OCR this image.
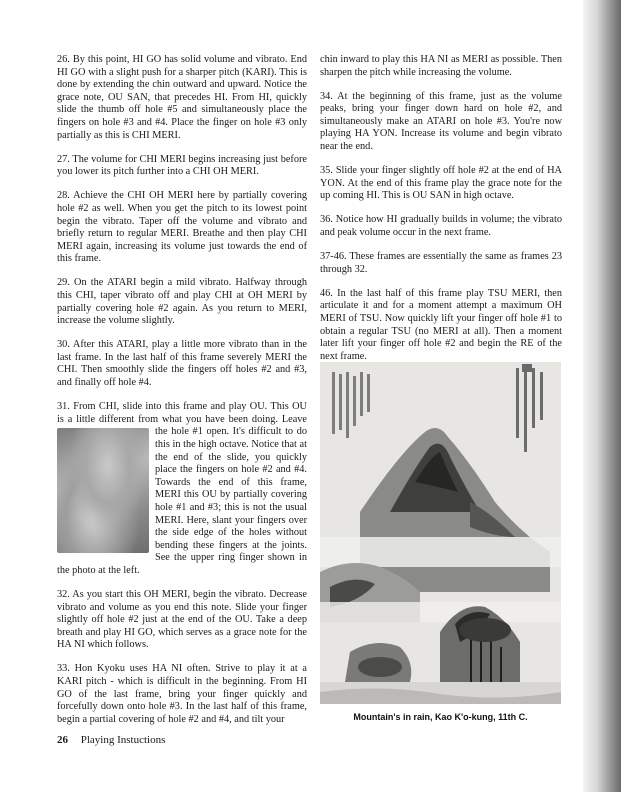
26. By this point, HI GO has solid volume and vibrato. End HI GO with a slight push for a sharper pitch (KARI). This is done by extending the chin outward and upward. Notice the grace note, OU SAN, that precedes HI. From HI, quickly slide the thumb off hole #5 and simultaneously place the fingers on hole #3 and #4. Place the finger on hole #3 only partially as this is CHI MERI.

27. The volume for CHI MERI begins increasing just before you lower its pitch further into a CHI OH MERI.

28. Achieve the CHI OH MERI here by partially covering hole #2 as well. When you get the pitch to its lowest point begin the vibrato. Taper off the volume and vibrato and briefly return to regular MERI. Breathe and then play CHI MERI again, increasing its volume just towards the end of this frame.

29. On the ATARI begin a mild vibrato. Halfway through this CHI, taper vibrato off and play CHI at OH MERI by partially covering hole #2 again. As you return to MERI, increase the volume slightly.

30. After this ATARI, play a little more vibrato than in the last frame. In the last half of this frame severely MERI the CHI. Then smoothly slide the fingers off holes #2 and #3, and finally off hole #4.

31. From CHI, slide into this frame and play OU. This OU is a little different from what you have been doing.
Leave the hole #1 open. It's difficult to do this in the high octave. Notice that at the end of the slide, you quickly place the fingers on hole #2 and #4. Towards the end of this frame, MERI this OU by partially covering hole #1 and #3; this is not the usual MERI. Here, slant your fingers over the side edge of the holes without bending these fingers at the joints. See the upper ring finger shown in the photo at the left.

32. As you start this OH MERI, begin the vibrato. Decrease vibrato and volume as you end this note. Slide your finger slightly off hole #2 just at the end of the OU. Take a deep breath and play HI GO, which serves as a grace note for the HA NI which follows.

33. Hon Kyoku uses HA NI often. Strive to play it at a KARI pitch - which is difficult in the beginning. From HI GO of the last frame, bring your finger quickly and forcefully down onto hole #3. In the last half of this frame, begin a partial covering of hole #2 and #4, and tilt your

chin inward to play this HA NI as MERI as possible. Then sharpen the pitch while increasing the volume.

34. At the beginning of this frame, just as the volume peaks, bring your finger down hard on hole #2, and simultaneously make an ATARI on hole #3. You're now playing HA YON. Increase its volume and begin vibrato near the end.

35. Slide your finger slightly off hole #2 at the end of HA YON. At the end of this frame play the grace note for the up coming HI. This is OU SAN in high octave.

36. Notice how HI gradually builds in volume; the vibrato and peak volume occur in the next frame.

37-46. These frames are essentially the same as frames 23 through 32.

46. In the last half of this frame play TSU MERI, then articulate it and for a moment attempt a maximum OH MERI of TSU. Now quickly lift your finger off hole #1 to obtain a regular TSU (no MERI at all). Then a moment later lift your finger off hole #2 and begin the RE of the next frame.

Mountain's in rain, Kao K'o-kung, 11th C.
26 Playing Instuctions
